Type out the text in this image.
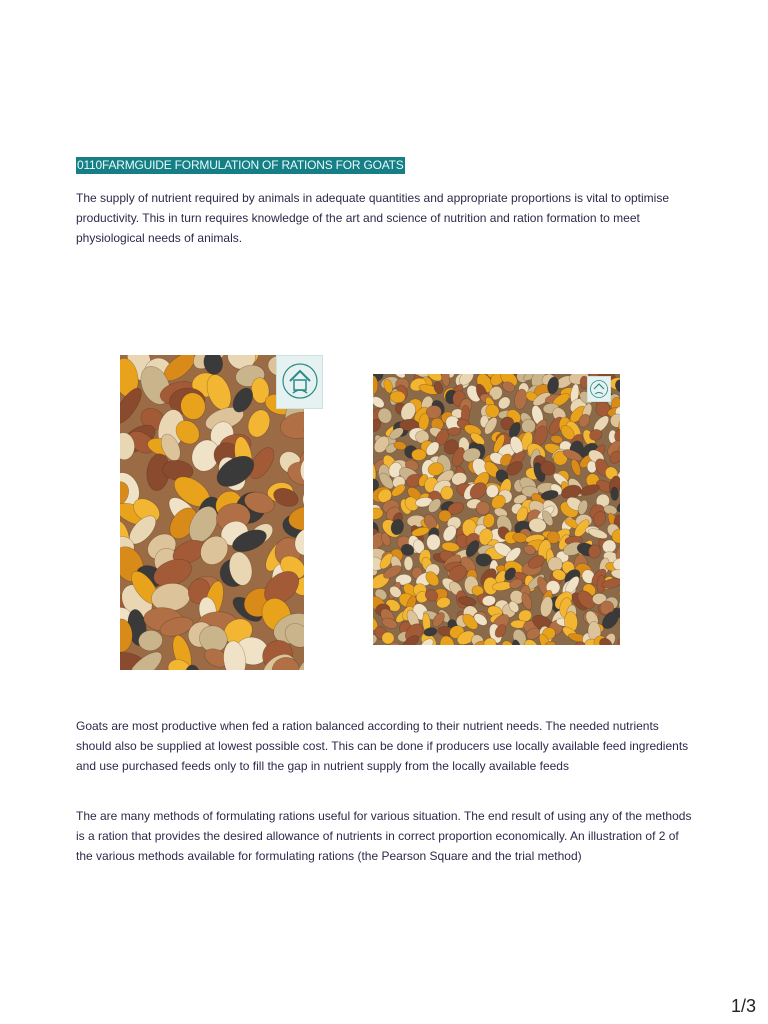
0110FARMGUIDE FORMULATION OF RATIONS FOR GOATS

The supply of nutrient required by animals in adequate quantities and appropriate proportions is vital to optimise productivity. This in turn requires knowledge of the art and science of nutrition and ration formation to meet physiological needs of animals.

Goats are most productive when fed a ration balanced according to their nutrient needs. The needed nutrients should also be supplied at lowest possible cost. This can be done if producers use locally available feed ingredients and use purchased feeds only to fill the gap in nutrient supply from the locally available feeds

The are many methods of formulating rations useful for various situation. The end result of using any of the methods is a ration that provides the desired allowance of nutrients in correct proportion economically. An illustration of 2 of the various methods available for formulating rations (the Pearson Square and the trial method)

1/3
